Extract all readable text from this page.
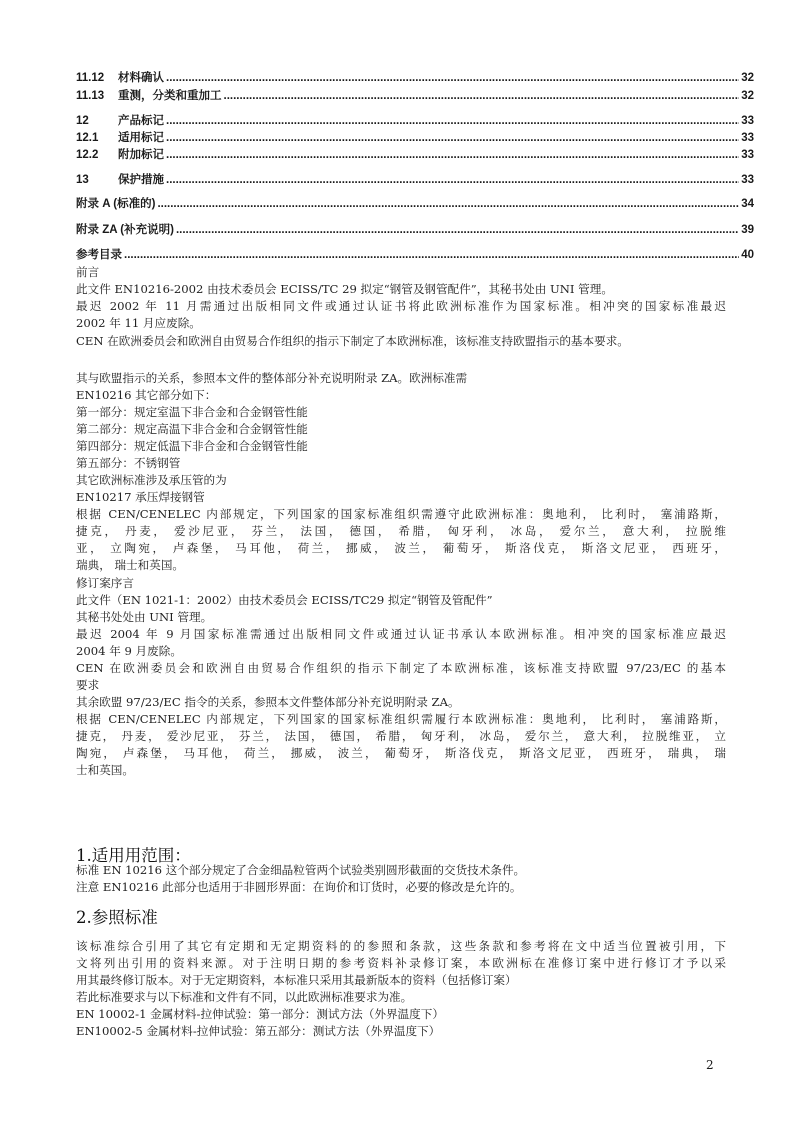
11.12	材料确认 .....	32
11.13	重测，分类和重加工 .....	32
12	产品标记 .....	33
12.1	适用标记 .....	33
12.2	附加标记 .....	33
13	保护措施 .....	33
附录 A (标准的) .....	34
附录 ZA (补充说明) .....	39
参考目录 .....	40
前言
此文件 EN10216-2002 由技术委员会 ECISS/TC 29 拟定“钢管及钢管配件”，其秘书处由 UNI 管理。
最迟 2002 年 11 月需通过出版相同文件或通过认证书将此欧洲标准作为国家标准。相冲突的国家标准最迟
2002 年 11 月应废除。
CEN 在欧洲委员会和欧洲自由贸易合作组织的指示下制定了本欧洲标准，该标准支持欧盟指示的基本要求。
其与欧盟指示的关系，参照本文件的整体部分补充说明附录 ZA。欧洲标准需
EN10216 其它部分如下：
第一部分：规定室温下非合金和合金钢管性能
第二部分：规定高温下非合金和合金钢管性能
第四部分：规定低温下非合金和合金钢管性能
第五部分：不锈钢管
其它欧洲标准涉及承压管的为
EN10217 承压焊接钢管
根据 CEN/CENELEC 内部规定，下列国家的国家标准组织需遵守此欧洲标准：奥地利， 比利时， 塞浦路斯，
捷克， 丹麦， 爱沙尼亚， 芬兰， 法国， 德国， 希腊， 匈牙利， 冰岛， 爱尔兰， 意大利， 拉脱维
亚， 立陶宛， 卢森堡， 马耳他， 荷兰， 挪威， 波兰， 葡萄牙， 斯洛伐克， 斯洛文尼亚， 西班牙，
瑞典， 瑞士和英国。
修订案序言
此文件（EN 1021-1：2002）由技术委员会 ECISS/TC29 拟定“钢管及管配件”
其秘书处处由 UNI 管理。
最迟 2004 年 9 月国家标准需通过出版相同文件或通过认证书承认本欧洲标准。相冲突的国家标准应最迟
2004 年 9 月废除。
CEN 在欧洲委员会和欧洲自由贸易合作组织的指示下制定了本欧洲标准，该标准支持欧盟 97/23/EC 的基本
要求
其余欧盟 97/23/EC 指令的关系，参照本文件整体部分补充说明附录 ZA。
根据 CEN/CENELEC 内部规定，下列国家的国家标准组织需履行本欧洲标准：奥地利， 比利时， 塞浦路斯，
捷克， 丹麦， 爱沙尼亚， 芬兰， 法国， 德国， 希腊， 匈牙利， 冰岛， 爱尔兰， 意大利， 拉脱维亚， 立
陶宛， 卢森堡， 马耳他， 荷兰， 挪威， 波兰， 葡萄牙， 斯洛伐克， 斯洛文尼亚， 西班牙， 瑞典， 瑞
士和英国。
1.适用用范围：
标准 EN 10216 这个部分规定了合金细晶粒管两个试验类别圆形截面的交货技术条件。
注意 EN10216 此部分也适用于非圆形界面：在询价和订货时，必要的修改是允许的。
2.参照标准
该标准综合引用了其它有定期和无定期资料的的参照和条款，这些条款和参考将在文中适当位置被引用，下
文将列出引用的资料来源。对于注明日期的参考资料补录修订案，本欧洲标在准修订案中进行修订才予以采
用其最终修订版本。对于无定期资料，本标准只采用其最新版本的资料（包括修订案）
若此标准要求与以下标准和文件有不同，以此欧洲标准要求为准。
EN 10002-1 金属材料-拉伸试验：第一部分：测试方法（外界温度下）
EN10002-5 金属材料-拉伸试验：第五部分：测试方法（外界温度下）
2
